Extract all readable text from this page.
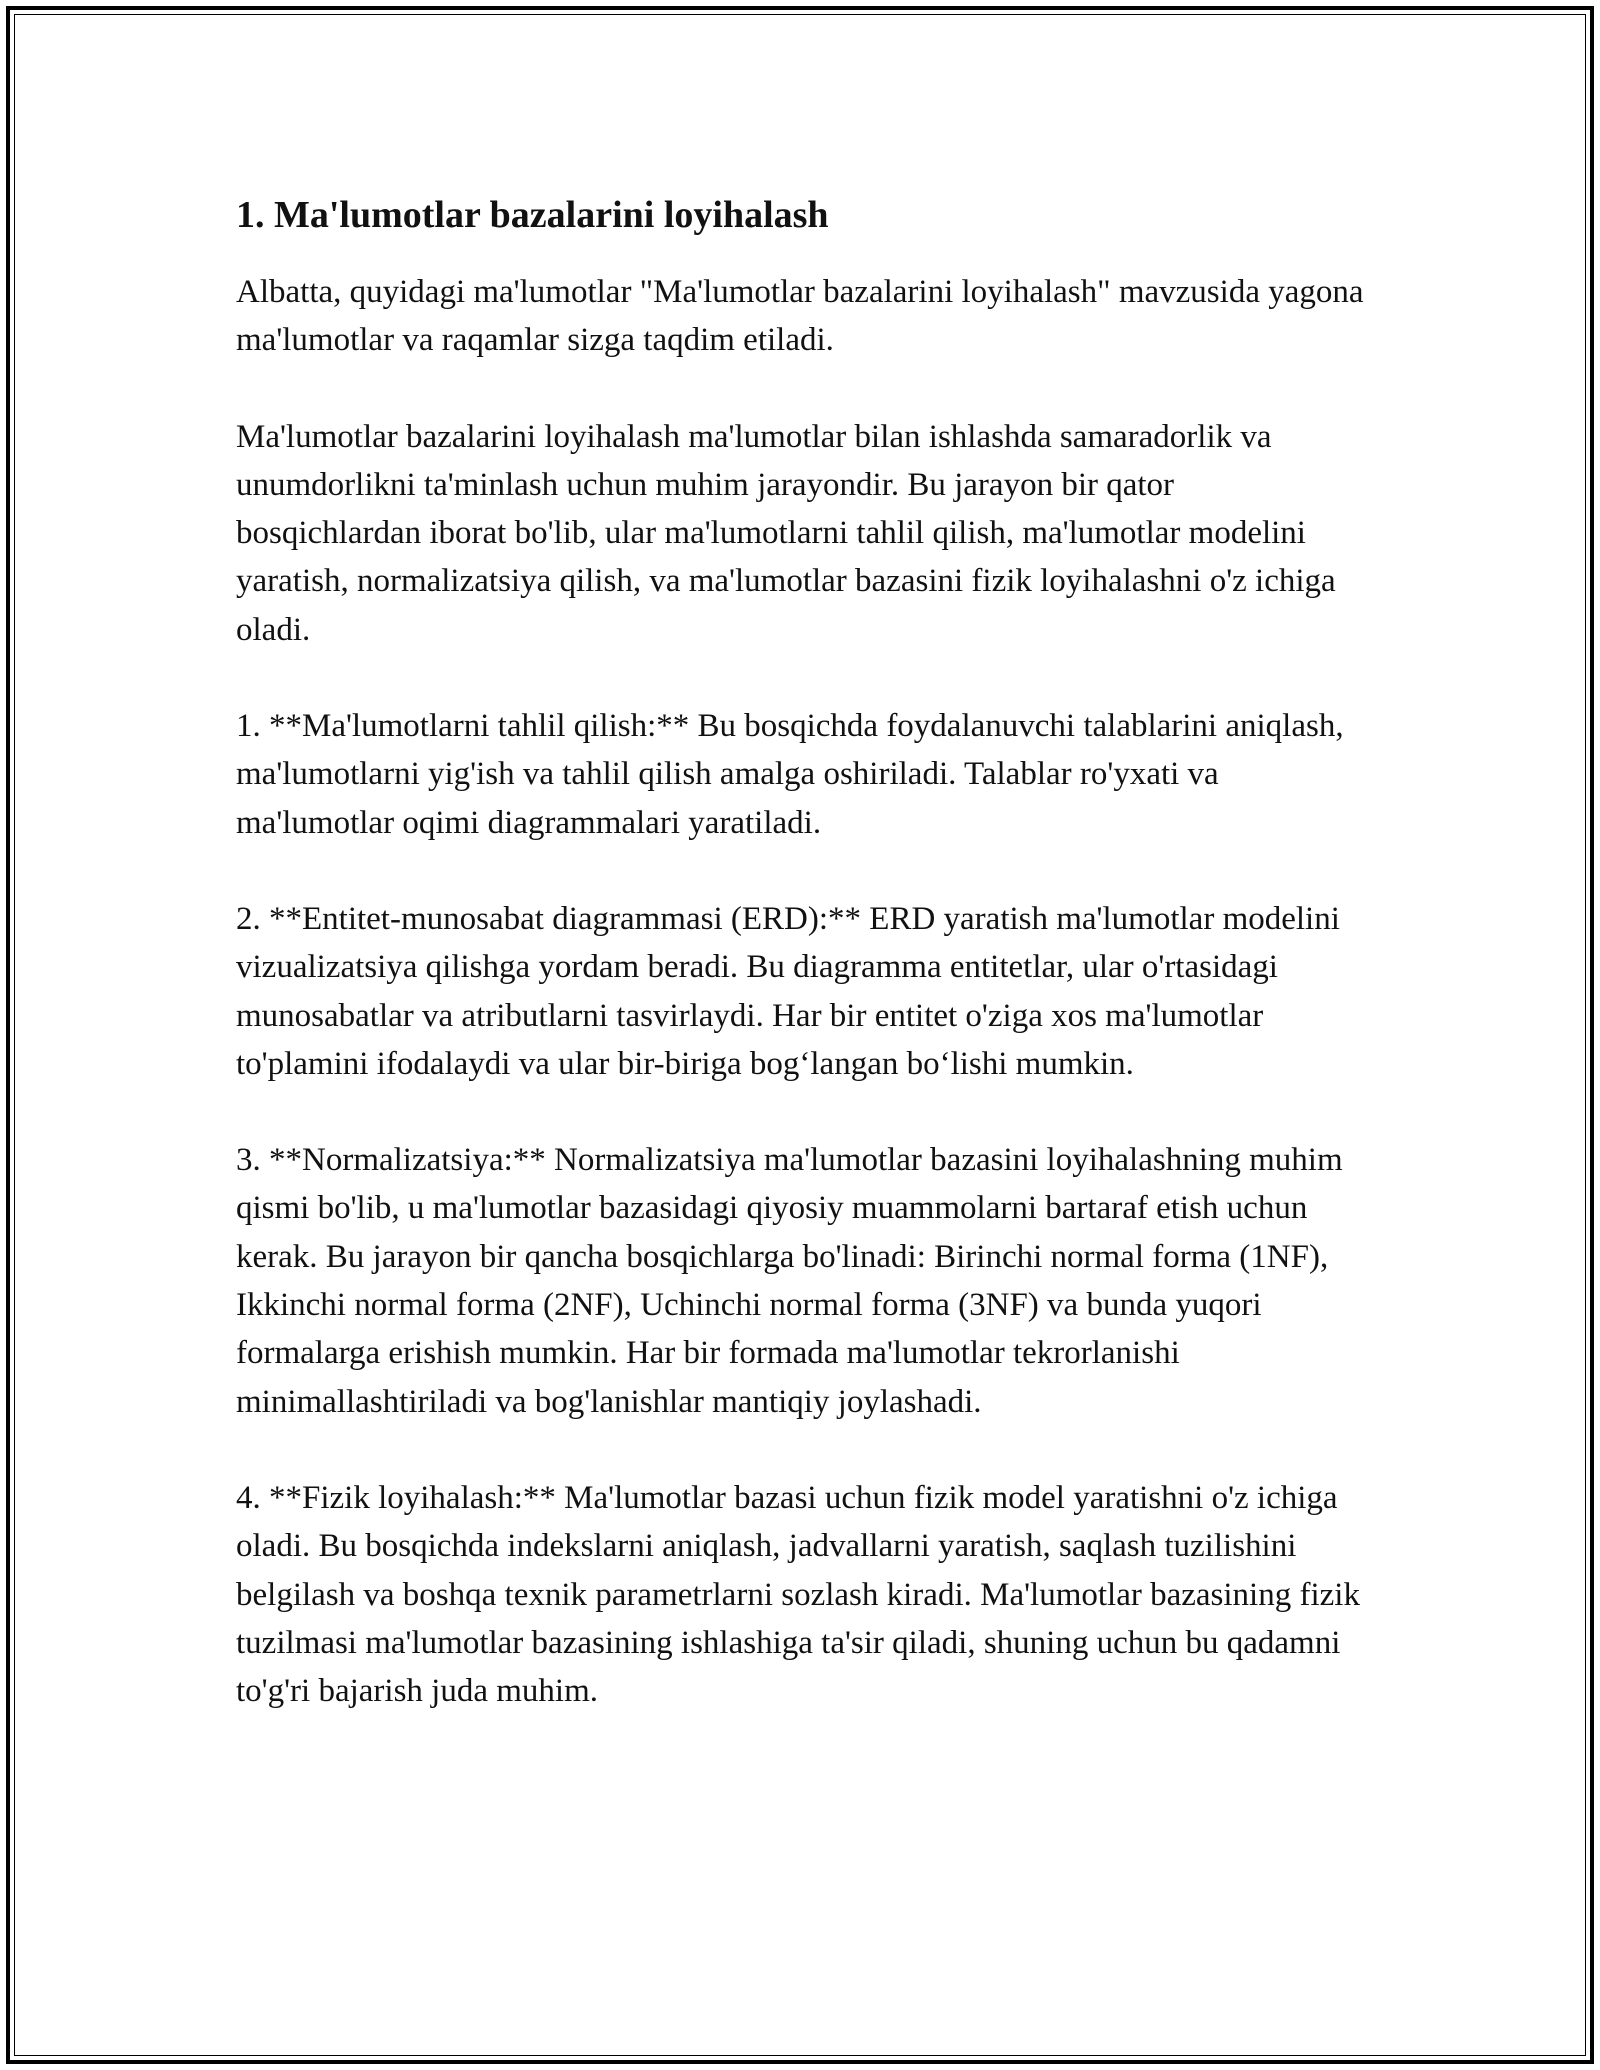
1. Ma'lumotlar bazalarini loyihalash

Albatta, quyidagi ma'lumotlar "Ma'lumotlar bazalarini loyihalash" mavzusida yagona ma'lumotlar va raqamlar sizga taqdim etiladi.

Ma'lumotlar bazalarini loyihalash ma'lumotlar bilan ishlashda samaradorlik va unumdorlikni ta'minlash uchun muhim jarayondir. Bu jarayon bir qator bosqichlardan iborat bo'lib, ular ma'lumotlarni tahlil qilish, ma'lumotlar modelini yaratish, normalizatsiya qilish, va ma'lumotlar bazasini fizik loyihalashni o'z ichiga oladi.

1. **Ma'lumotlarni tahlil qilish:** Bu bosqichda foydalanuvchi talablarini aniqlash, ma'lumotlarni yig'ish va tahlil qilish amalga oshiriladi. Talablar ro'yxati va ma'lumotlar oqimi diagrammalari yaratiladi.

2. **Entitet-munosabat diagrammasi (ERD):** ERD yaratish ma'lumotlar modelini vizualizatsiya qilishga yordam beradi. Bu diagramma entitetlar, ular o'rtasidagi munosabatlar va atributlarni tasvirlaydi. Har bir entitet o'ziga xos ma'lumotlar to'plamini ifodalaydi va ular bir-biriga bog‘langan bo‘lishi mumkin.

3. **Normalizatsiya:** Normalizatsiya ma'lumotlar bazasini loyihalashning muhim qismi bo'lib, u ma'lumotlar bazasidagi qiyosiy muammolarni bartaraf etish uchun kerak. Bu jarayon bir qancha bosqichlarga bo'linadi: Birinchi normal forma (1NF), Ikkinchi normal forma (2NF), Uchinchi normal forma (3NF) va bunda yuqori formalarga erishish mumkin. Har bir formada ma'lumotlar tekrorlanishi minimallashtiriladi va bog'lanishlar mantiqiy joylashadi.

4. **Fizik loyihalash:** Ma'lumotlar bazasi uchun fizik model yaratishni o'z ichiga oladi. Bu bosqichda indekslarni aniqlash, jadvallarni yaratish, saqlash tuzilishini belgilash va boshqa texnik parametrlarni sozlash kiradi. Ma'lumotlar bazasining fizik tuzilmasi ma'lumotlar bazasining ishlashiga ta'sir qiladi, shuning uchun bu qadamni to'g'ri bajarish juda muhim.
